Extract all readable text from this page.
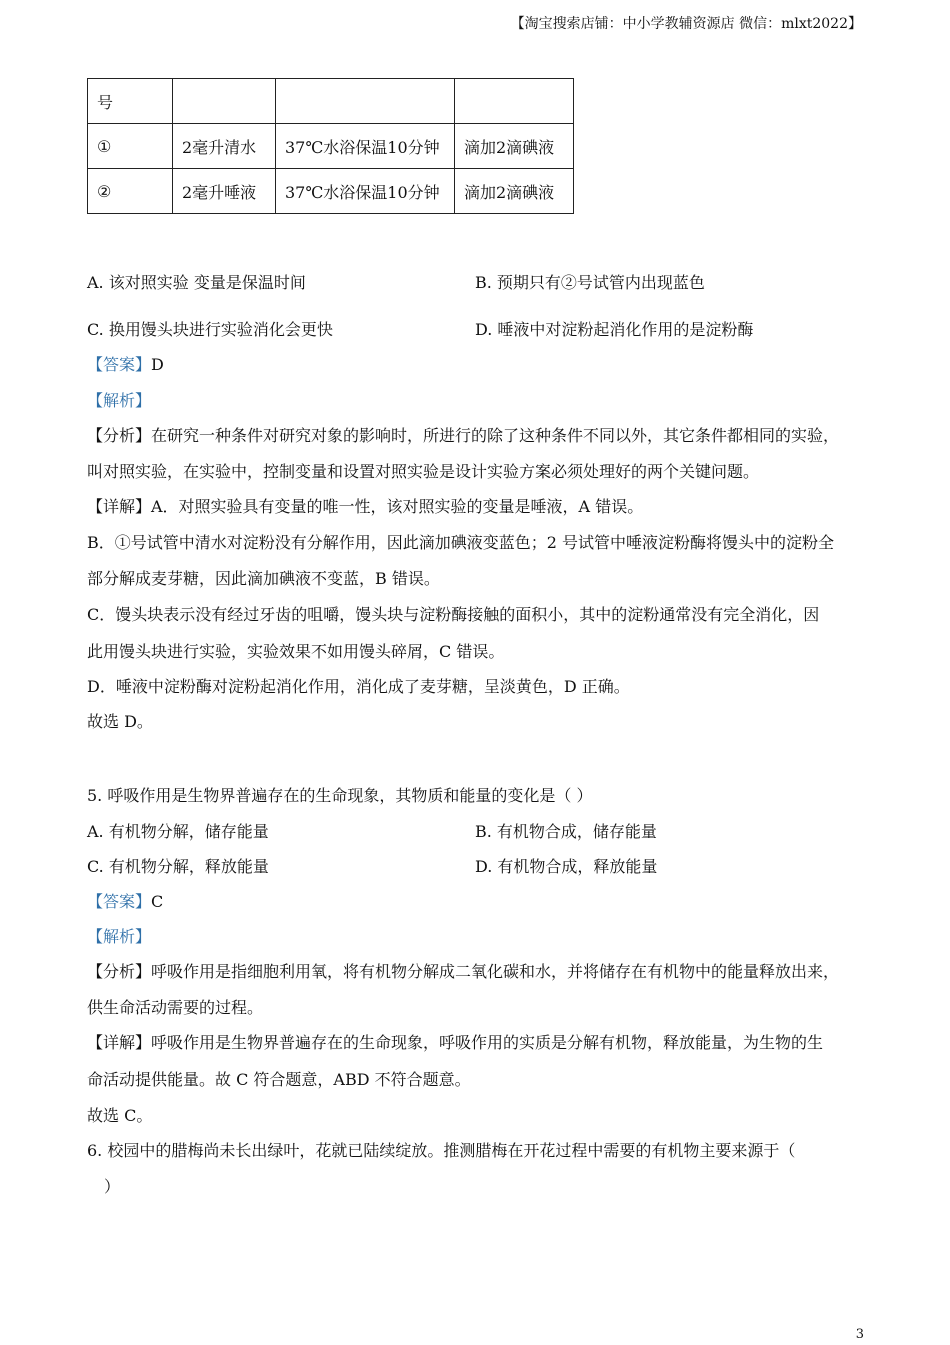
【淘宝搜索店铺：中小学教辅资源店 微信：mlxt2022】
号			
①	2毫升清水	37℃水浴保温10分钟	滴加2滴碘液
②	2毫升唾液	37℃水浴保温10分钟	滴加2滴碘液
A. 该对照实验 变量是保温时间	B. 预期只有②号试管内出现蓝色
C. 换用馒头块进行实验消化会更快	D. 唾液中对淀粉起消化作用的是淀粉酶
【答案】D
【解析】
【分析】在研究一种条件对研究对象的影响时，所进行的除了这种条件不同以外，其它条件都相同的实验，
叫对照实验，在实验中，控制变量和设置对照实验是设计实验方案必须处理好的两个关键问题。
【详解】A．对照实验具有变量的唯一性，该对照实验的变量是唾液，A 错误。
B．①号试管中清水对淀粉没有分解作用，因此滴加碘液变蓝色；2 号试管中唾液淀粉酶将馒头中的淀粉全
部分解成麦芽糖，因此滴加碘液不变蓝，B 错误。
C．馒头块表示没有经过牙齿的咀嚼，馒头块与淀粉酶接触的面积小，其中的淀粉通常没有完全消化，因
此用馒头块进行实验，实验效果不如用馒头碎屑，C 错误。
D．唾液中淀粉酶对淀粉起消化作用，消化成了麦芽糖，呈淡黄色，D 正确。
故选 D。
5. 呼吸作用是生物界普遍存在的生命现象，其物质和能量的变化是（ ）
A. 有机物分解，储存能量	B. 有机物合成，储存能量
C. 有机物分解，释放能量	D. 有机物合成，释放能量
【答案】C
【解析】
【分析】呼吸作用是指细胞利用氧，将有机物分解成二氧化碳和水，并将储存在有机物中的能量释放出来，
供生命活动需要的过程。
【详解】呼吸作用是生物界普遍存在的生命现象，呼吸作用的实质是分解有机物，释放能量，为生物的生
命活动提供能量。故 C 符合题意，ABD 不符合题意。
故选 C。
6. 校园中的腊梅尚未长出绿叶，花就已陆续绽放。推测腊梅在开花过程中需要的有机物主要来源于（
）
3
